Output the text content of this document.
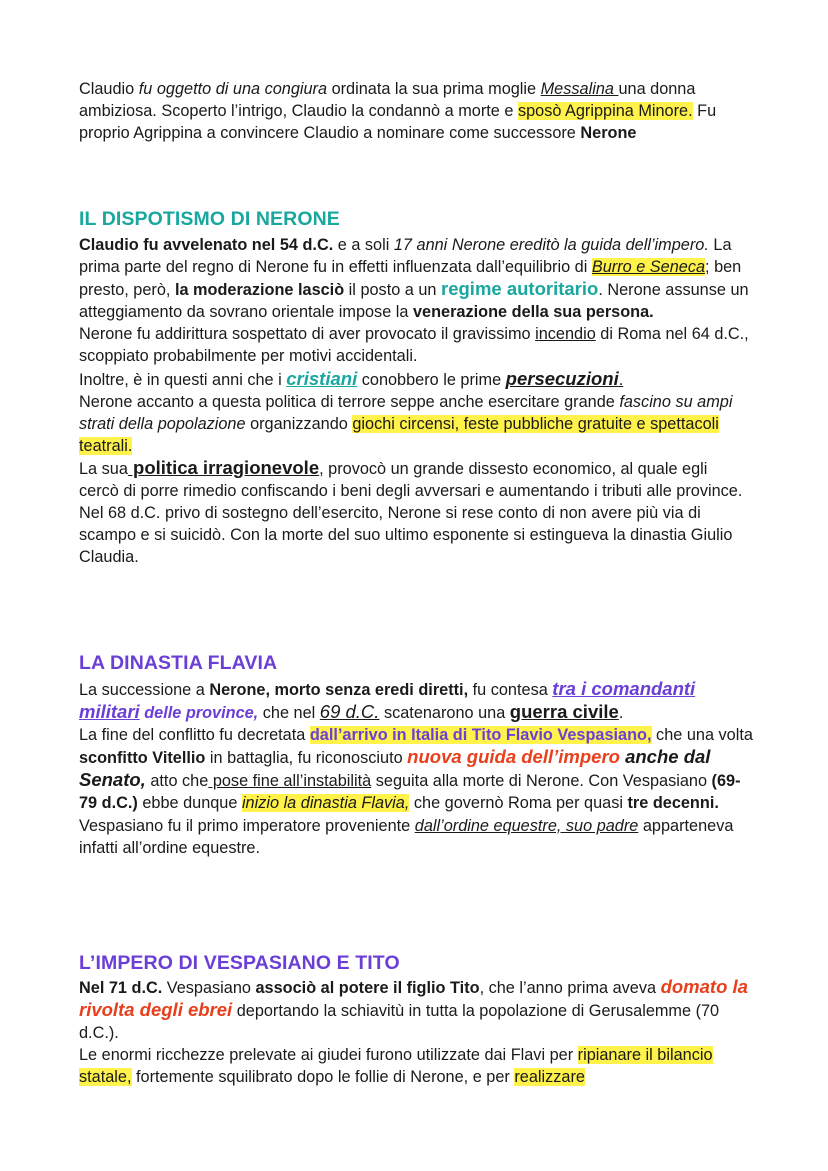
Claudio fu oggetto di una congiura ordinata la sua prima moglie Messalina una donna ambiziosa. Scoperto l’intrigo, Claudio la condannò a morte e sposò Agrippina Minore. Fu proprio Agrippina a convincere Claudio a nominare come successore Nerone

IL DISPOTISMO DI NERONE

Claudio fu avvelenato nel 54 d.C. e a soli 17 anni Nerone ereditò la guida dell’impero. La prima parte del regno di Nerone fu in effetti influenzata dall’equilibrio di Burro e Seneca; ben presto, però, la moderazione lasciò il posto a un regime autoritario. Nerone assunse un atteggiamento da sovrano orientale impose la venerazione della sua persona.
Nerone fu addirittura sospettato di aver provocato il gravissimo incendio di Roma nel 64 d.C., scoppiato probabilmente per motivi accidentali.
Inoltre, è in questi anni che i cristiani conobbero le prime persecuzioni.
Nerone accanto a questa politica di terrore seppe anche esercitare grande fascino su ampi strati della popolazione organizzando giochi circensi, feste pubbliche gratuite e spettacoli teatrali.
La sua politica irragionevole, provocò un grande dissesto economico, al quale egli cercò di porre rimedio confiscando i beni degli avversari e aumentando i tributi alle province.
Nel 68 d.C. privo di sostegno dell’esercito, Nerone si rese conto di non avere più via di scampo e si suicidò. Con la morte del suo ultimo esponente si estingueva la dinastia Giulio Claudia.

LA DINASTIA FLAVIA

La successione a Nerone, morto senza eredi diretti, fu contesa tra i comandanti militari delle province, che nel 69 d.C. scatenarono una guerra civile.
La fine del conflitto fu decretata dall’arrivo in Italia di Tito Flavio Vespasiano, che una volta sconfitto Vitellio in battaglia, fu riconosciuto nuova guida dell’impero anche dal Senato, atto che pose fine all’instabilità seguita alla morte di Nerone. Con Vespasiano (69-79 d.C.) ebbe dunque inizio la dinastia Flavia, che governò Roma per quasi tre decenni. Vespasiano fu il primo imperatore proveniente dall’ordine equestre, suo padre apparteneva infatti all’ordine equestre.

L’IMPERO DI VESPASIANO E TITO

Nel 71 d.C. Vespasiano associò al potere il figlio Tito, che l’anno prima aveva domato la rivolta degli ebrei deportando la schiavitù in tutta la popolazione di Gerusalemme (70 d.C.).
Le enormi ricchezze prelevate ai giudei furono utilizzate dai Flavi per ripianare il bilancio statale, fortemente squilibrato dopo le follie di Nerone, e per realizzare
